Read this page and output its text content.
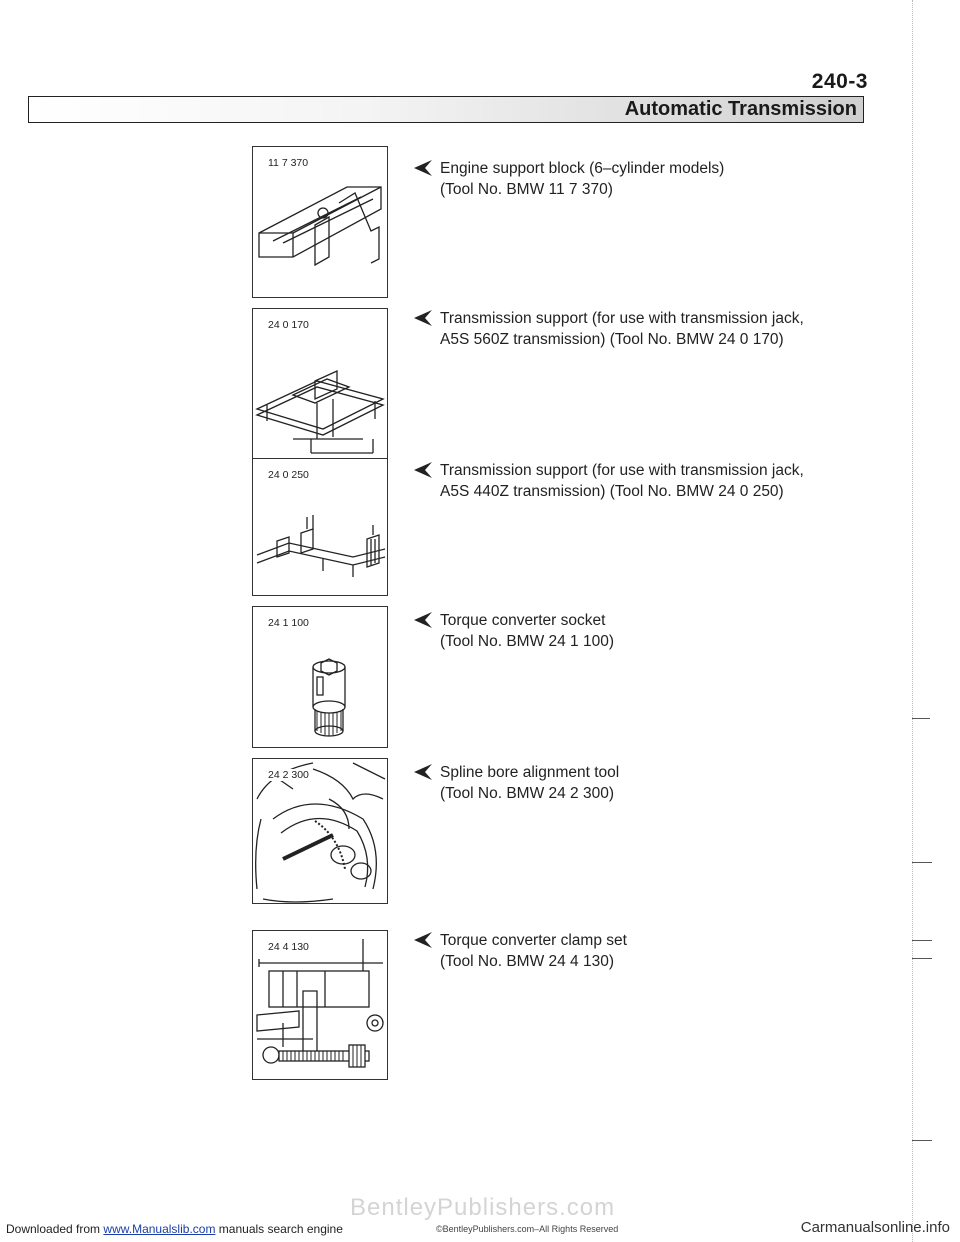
240-3
Automatic Transmission
11 7 370
24 0 170
24 0 250
24 1 100
24 2 300
24 4 130
Engine support block (6–cylinder models)
(Tool No. BMW 11 7 370)
Transmission support (for use with transmission jack,
A5S 560Z transmission) (Tool No. BMW 24 0 170)
Transmission support (for use with transmission jack,
A5S 440Z transmission) (Tool No. BMW 24 0 250)
Torque converter socket
(Tool No. BMW 24 1 100)
Spline bore alignment tool
(Tool No. BMW 24 2 300)
Torque converter clamp set
(Tool No. BMW 24 4 130)
BentleyPublishers.com
Downloaded from www.Manualslib.com manuals search engine	©BentleyPublishers.com–All Rights Reserved	Carmanualsonline.info
